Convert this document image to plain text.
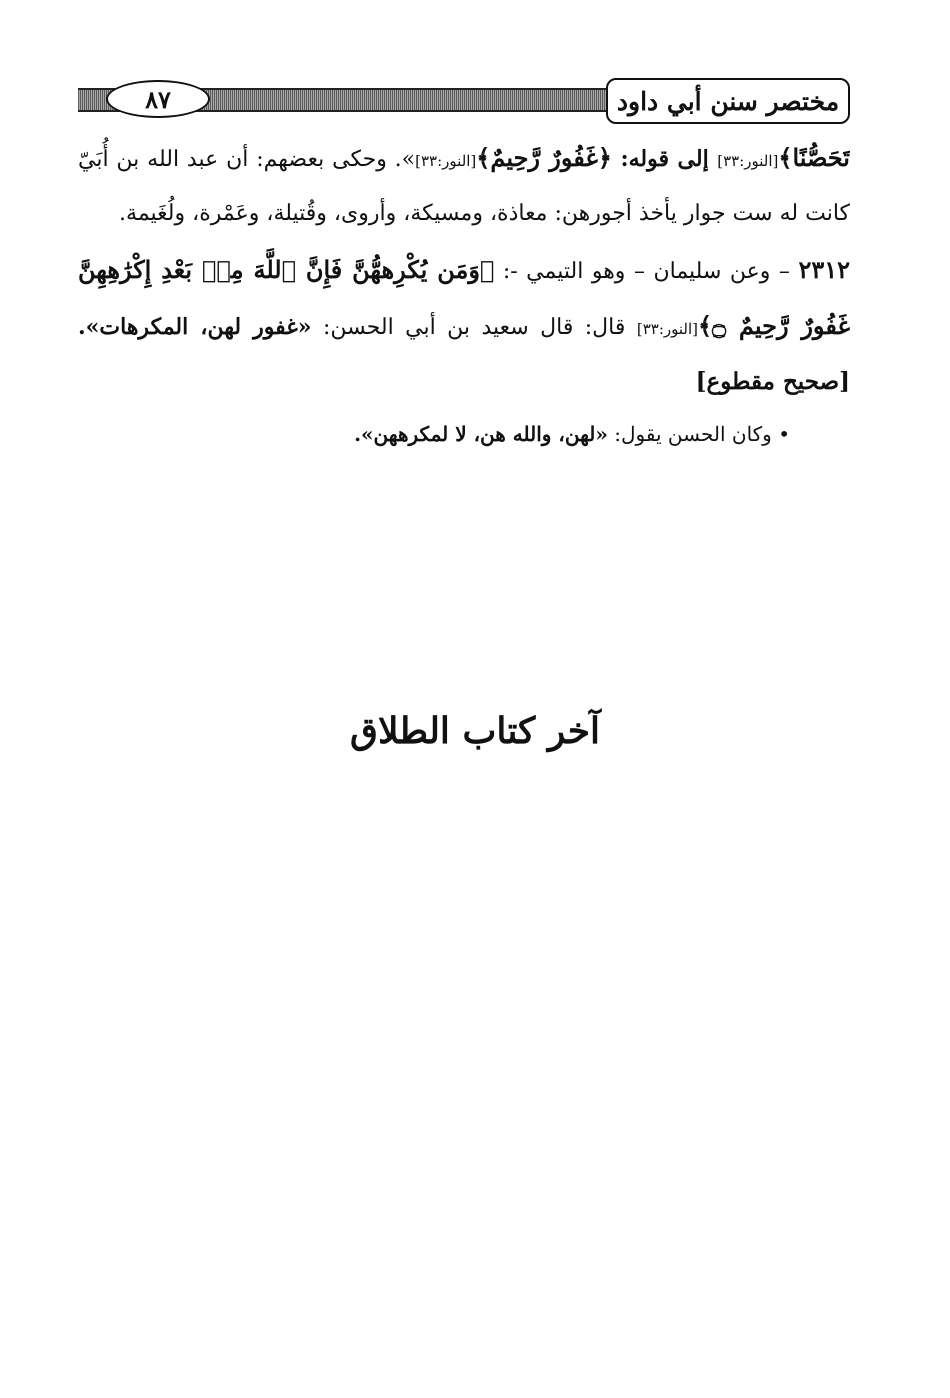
٨٧	مختصر سنن أبي داود
تَحَصُّنًا﴾[النور:٣٣] إلى قوله: ﴿غَفُورٌ رَّحِيمٌ﴾[النور:٣٣]». وحكى بعضهم: أن عبد الله بن أُبَيّ
كانت له ست جوار يأخذ أجورهن: معاذة، ومسيكة، وأروى، وقُتيلة، وعَمْرة، ولُغَيمة.
٢٣١٢ – وعن سليمان – وهو التيمي -: ﴿وَمَن يُكْرِههُّنَّ فَإِنَّ ٱللَّهَ مِنۢ بَعْدِ إِكْرَٰهِهِنَّ
غَفُورٌ رَّحِيمٌ ۝﴾[النور:٣٣] قال: قال سعيد بن أبي الحسن: «غفور لهن، المكرهات».
[صحيح مقطوع]
• وكان الحسن يقول: «لهن، والله هن، لا لمكرههن».
آخر كتاب الطلاق
